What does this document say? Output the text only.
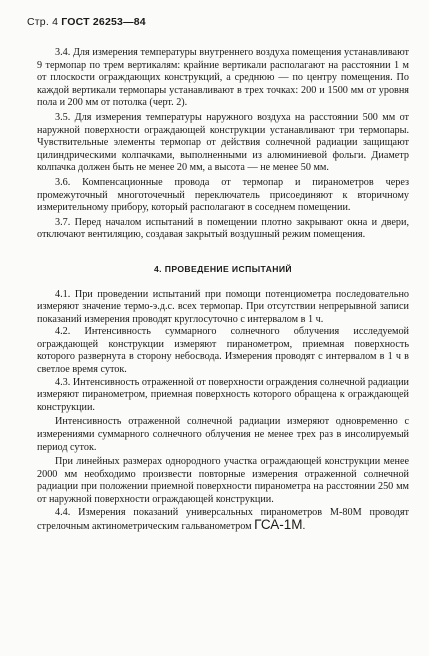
Стр. 4 ГОСТ 26253—84

3.4. Для измерения температуры внутреннего воздуха помещения устанавливают 9 термопар по трем вертикалям: крайние вертикали располагают на расстоянии 1 м от плоскости ограждающих конструкций, а среднюю — по центру помещения. По каждой вертикали термопары устанавливают в трех точках: 200 и 1500 мм от уровня пола и 200 мм от потолка (черт. 2).

3.5. Для измерения температуры наружного воздуха на расстоянии 500 мм от наружной поверхности ограждающей конструкции устанавливают три термопары. Чувствительные элементы термопар от действия солнечной радиации защищают цилиндрическими колпачками, выполненными из алюминиевой фольги. Диаметр колпачка должен быть не менее 20 мм, а высота — не менее 50 мм.

3.6. Компенсационные провода от термопар и пиранометров через промежуточный многоточечный переключатель присоединяют к вторичному измерительному прибору, который располагают в соседнем помещении.

3.7. Перед началом испытаний в помещении плотно закрывают окна и двери, отключают вентиляцию, создавая закрытый воздушный режим помещения.

4. ПРОВЕДЕНИЕ ИСПЫТАНИЙ

4.1. При проведении испытаний при помощи потенциометра последовательно измеряют значение термо-э.д.с. всех термопар. При отсутствии непрерывной записи показаний измерения проводят круглосуточно с интервалом в 1 ч.

4.2. Интенсивность суммарного солнечного облучения исследуемой ограждающей конструкции измеряют пиранометром, приемная поверхность которого развернута в сторону небосвода. Измерения проводят с интервалом в 1 ч в светлое время суток.

4.3. Интенсивность отраженной от поверхности ограждения солнечной радиации измеряют пиранометром, приемная поверхность которого обращена к ограждающей конструкции.

Интенсивность отраженной солнечной радиации измеряют одновременно с измерениями суммарного солнечного облучения не менее трех раз в инсолируемый период суток.

При линейных размерах однородного участка ограждающей конструкции менее 2000 мм необходимо произвести повторные измерения отраженной солнечной радиации при положении приемной поверхности пиранометра на расстоянии 250 мм от наружной поверхности ограждающей конструкции.

4.4. Измерения показаний универсальных пиранометров М-80М проводят стрелочным актинометрическим гальванометром ГСА-1М.
